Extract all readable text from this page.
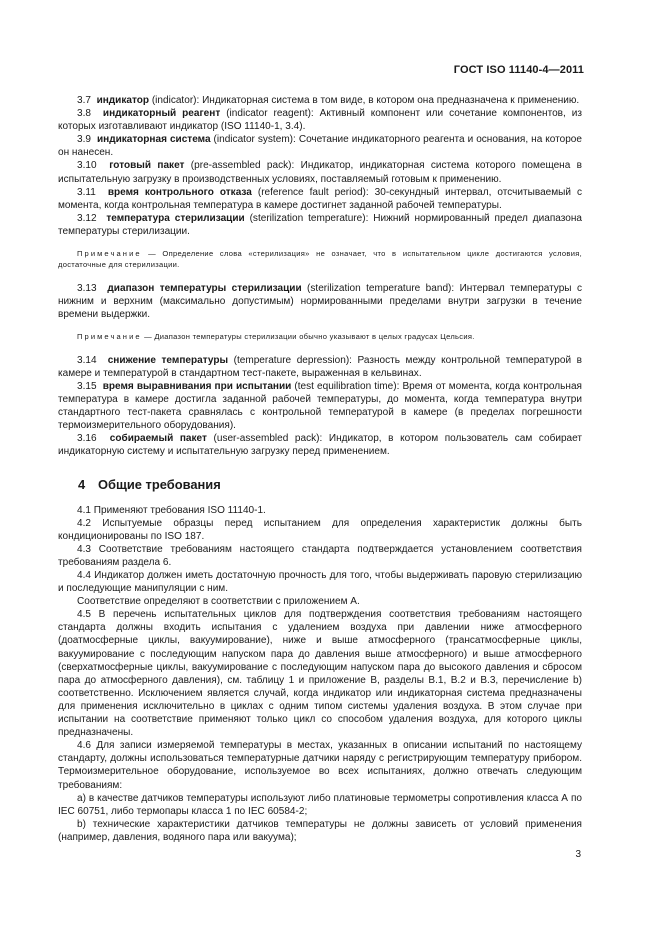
ГОСТ ISO 11140-4—2011

3.7 индикатор (indicator): Индикаторная система в том виде, в котором она предназначена к применению.

3.8 индикаторный реагент (indicator reagent): Активный компонент или сочетание компонентов, из которых изготавливают индикатор (ISO 11140-1, 3.4).

3.9 индикаторная система (indicator system): Сочетание индикаторного реагента и основания, на которое он нанесен.

3.10 готовый пакет (pre-assembled pack): Индикатор, индикаторная система которого помещена в испытательную загрузку в производственных условиях, поставляемый готовым к применению.

3.11 время контрольного отказа (reference fault period): 30-секундный интервал, отсчитываемый с момента, когда контрольная температура в камере достигнет заданной рабочей температуры.

3.12 температура стерилизации (sterilization temperature): Нижний нормированный предел диапазона температуры стерилизации.

Примечание — Определение слова «стерилизация» не означает, что в испытательном цикле достигаются условия, достаточные для стерилизации.

3.13 диапазон температуры стерилизации (sterilization temperature band): Интервал температуры с нижним и верхним (максимально допустимым) нормированными пределами внутри загрузки в течение времени выдержки.

Примечание — Диапазон температуры стерилизации обычно указывают в целых градусах Цельсия.

3.14 снижение температуры (temperature depression): Разность между контрольной температурой в камере и температурой в стандартном тест-пакете, выраженная в кельвинах.

3.15 время выравнивания при испытании (test equilibration time): Время от момента, когда контрольная температура в камере достигла заданной рабочей температуры, до момента, когда температура внутри стандартного тест-пакета сравнялась с контрольной температурой в камере (в пределах погрешности термоизмерительного оборудования).

3.16 собираемый пакет (user-assembled pack): Индикатор, в котором пользователь сам собирает индикаторную систему и испытательную загрузку перед применением.

4 Общие требования

4.1 Применяют требования ISO 11140-1.

4.2 Испытуемые образцы перед испытанием для определения характеристик должны быть кондиционированы по ISO 187.

4.3 Соответствие требованиям настоящего стандарта подтверждается установлением соответствия требованиям раздела 6.

4.4 Индикатор должен иметь достаточную прочность для того, чтобы выдерживать паровую стерилизацию и последующие манипуляции с ним.

Соответствие определяют в соответствии с приложением А.

4.5 В перечень испытательных циклов для подтверждения соответствия требованиям настоящего стандарта должны входить испытания с удалением воздуха при давлении ниже атмосферного (доатмосферные циклы, вакуумирование), ниже и выше атмосферного (трансатмосферные циклы, вакуумирование с последующим напуском пара до давления выше атмосферного) и выше атмосферного (сверхатмосферные циклы, вакуумирование с последующим напуском пара до высокого давления и сбросом пара до атмосферного давления), см. таблицу 1 и приложение В, разделы В.1, В.2 и В.3, перечисление b) соответственно. Исключением является случай, когда индикатор или индикаторная система предназначены для применения исключительно в циклах с одним типом системы удаления воздуха. В этом случае при испытании на соответствие применяют только цикл со способом удаления воздуха, для которого циклы предназначены.

4.6 Для записи измеряемой температуры в местах, указанных в описании испытаний по настоящему стандарту, должны использоваться температурные датчики наряду с регистрирующим температуру прибором. Термоизмерительное оборудование, используемое во всех испытаниях, должно отвечать следующим требованиям:

а) в качестве датчиков температуры используют либо платиновые термометры сопротивления класса А по IEC 60751, либо термопары класса 1 по IEC 60584-2;

b) технические характеристики датчиков температуры не должны зависеть от условий применения (например, давления, водяного пара или вакуума);

3
